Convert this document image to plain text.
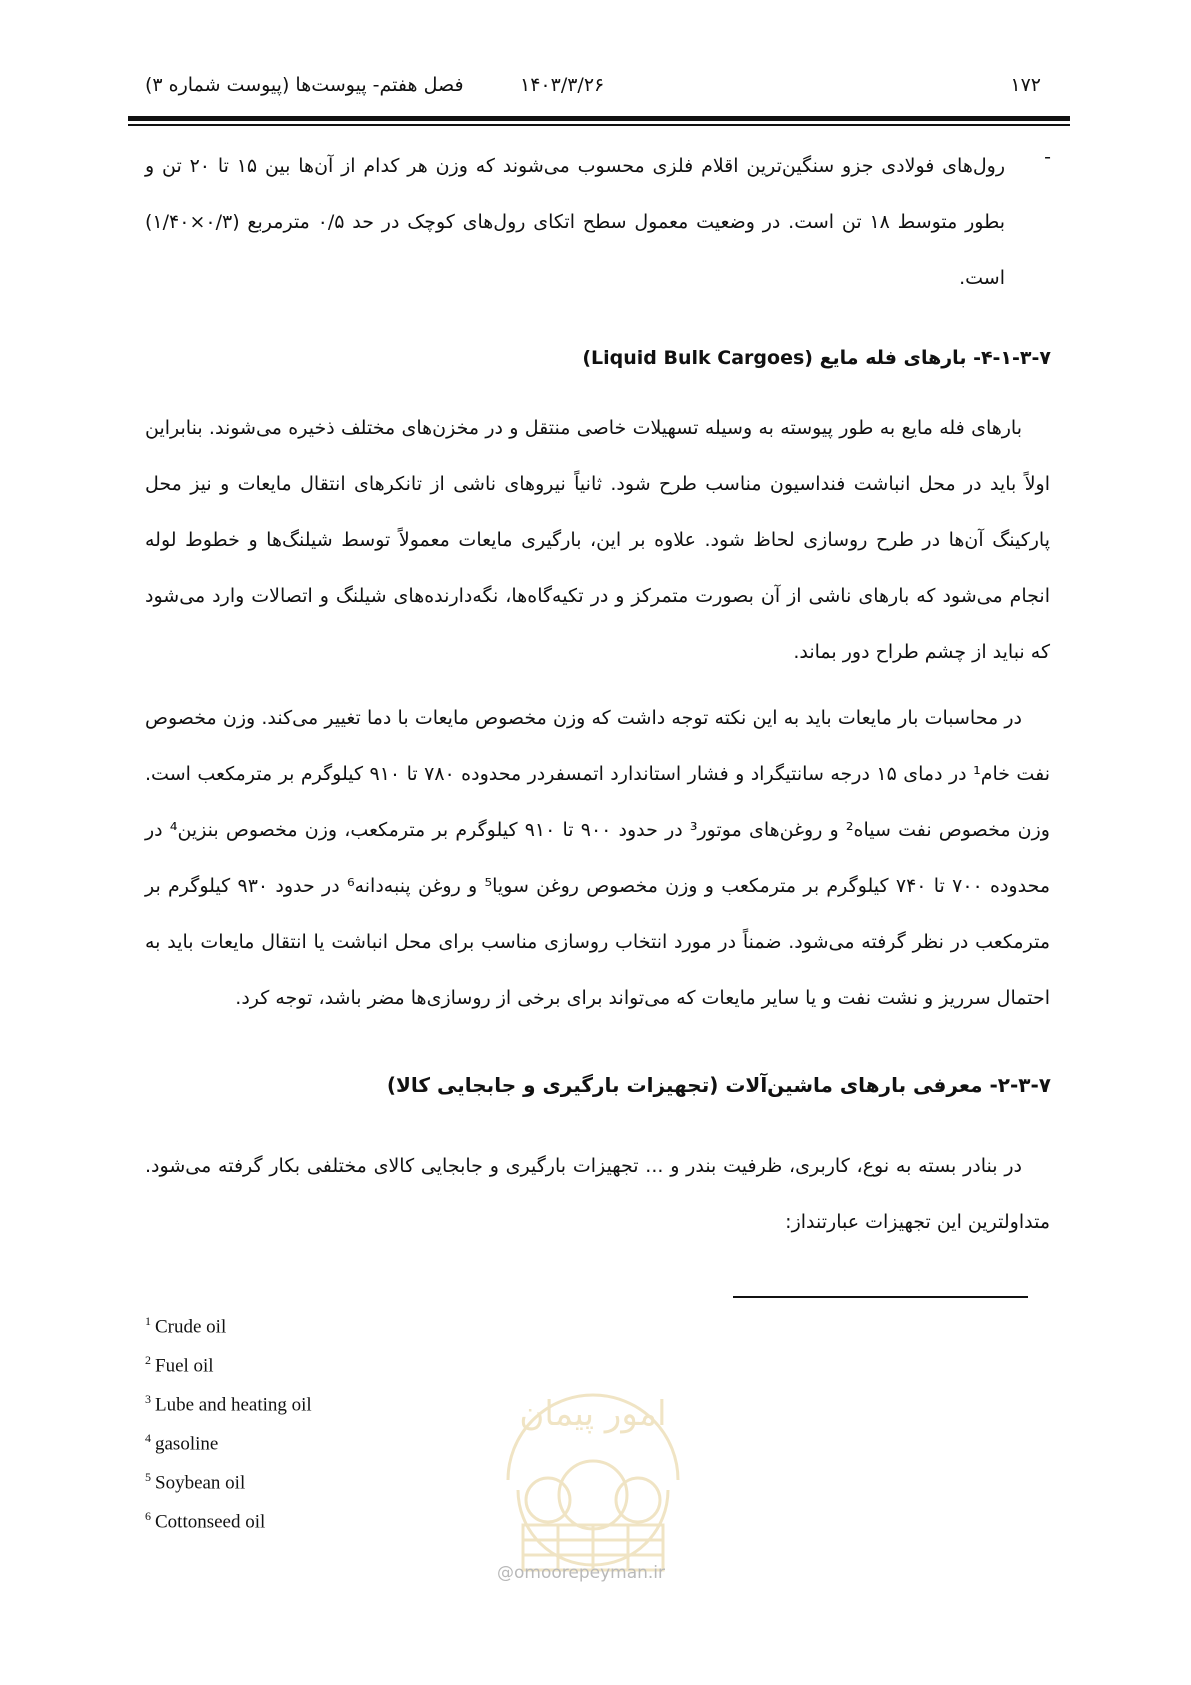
۱۷۲
۱۴۰۳/۳/۲۶
فصل هفتم- پیوست‌ها (پیوست شماره ۳)
-
رول‌های فولادی جزو سنگین‌ترین اقلام فلزی محسوب می‌شوند که وزن هر کدام از آن‌ها بین ۱۵ تا ۲۰ تن و بطور متوسط ۱۸ تن است. در وضعیت معمول سطح اتکای رول‌های کوچک در حد ۰/۵ مترمربع (۰/۳×۱/۴۰) است.
۴-۱-۳-۷- بارهای فله مایع (Liquid Bulk Cargoes)
بارهای فله مایع به طور پیوسته به وسیله تسهیلات خاصی منتقل و در مخزن‌های مختلف ذخیره می‌شوند. بنابراین اولاً باید در محل انباشت فنداسیون مناسب طرح شود. ثانیاً نیروهای ناشی از تانکرهای انتقال مایعات و نیز محل پارکینگ آن‌ها در طرح روسازی لحاظ شود. علاوه بر این، بارگیری مایعات معمولاً توسط شیلنگ‌ها و خطوط لوله انجام می‌شود که بارهای ناشی از آن بصورت متمرکز و در تکیه‌گاه‌ها، نگه‌دارنده‌های شیلنگ و اتصالات وارد می‌شود که نباید از چشم طراح دور بماند.
در محاسبات بار مایعات باید به این نکته توجه داشت که وزن مخصوص مایعات با دما تغییر می‌کند. وزن مخصوص نفت خام¹ در دمای ۱۵ درجه سانتیگراد و فشار استاندارد اتمسفردر محدوده ۷۸۰ تا ۹۱۰ کیلوگرم بر مترمکعب است. وزن مخصوص نفت سیاه² و روغن‌های موتور³ در حدود ۹۰۰ تا ۹۱۰ کیلوگرم بر مترمکعب، وزن مخصوص بنزین⁴ در محدوده ۷۰۰ تا ۷۴۰ کیلوگرم بر مترمکعب و وزن مخصوص روغن سویا⁵ و روغن پنبه‌دانه⁶ در حدود ۹۳۰ کیلوگرم بر مترمکعب در نظر گرفته می‌شود. ضمناً در مورد انتخاب روسازی مناسب برای محل انباشت یا انتقال مایعات باید به احتمال سرریز و نشت نفت و یا سایر مایعات که می‌تواند برای برخی از روسازی‌ها مضر باشد، توجه کرد.
۲-۳-۷- معرفی بارهای ماشین‌آلات (تجهیزات بارگیری و جابجایی کالا)
در بنادر بسته به نوع، کاربری، ظرفیت بندر و ... تجهیزات بارگیری و جابجایی کالای مختلفی بکار گرفته می‌شود. متداولترین این تجهیزات عبارتنداز:
$^1$ Crude oil
$^2$ Fuel oil
$^3$ Lube and heating oil
$^4$ gasoline
$^5$ Soybean oil
$^6$ Cottonseed oil
امور پیمان
@omoorepeyman.ir
